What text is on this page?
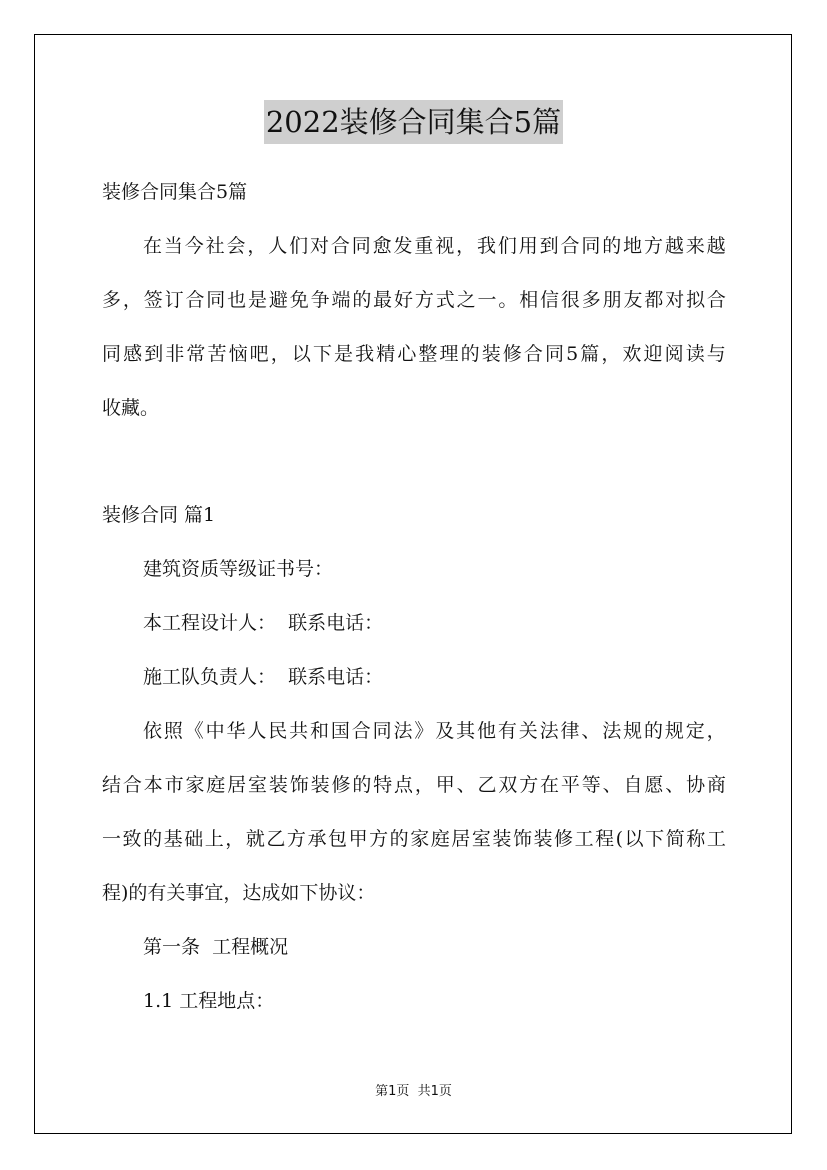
2022装修合同集合5篇
装修合同集合5篇
在 当 今 社 会 ， 人 们 对 合 同 愈 发 重 视 ， 我 们 用 到 合 同 的 地 方 越 来 越
多 ， 签 订 合 同 也 是 避 免 争 端 的 最 好 方 式 之 一 。 相 信 很 多 朋 友 都 对 拟 合
同 感 到 非 常 苦 恼 吧 ， 以 下 是 我 精 心 整 理 的 装 修 合 同 5 篇 ， 欢 迎 阅 读 与
收藏。
装修合同 篇1
建筑资质等级证书号：
本工程设计人：  联系电话：
施工队负责人：  联系电话：
依 照 《 中 华 人 民 共 和 国 合 同 法 》 及 其 他 有 关 法 律 、 法 规 的 规 定 ，
结 合 本 市 家 庭 居 室 装 饰 装 修 的 特 点 ， 甲 、 乙 双 方 在 平 等 、 自 愿 、 协 商
一 致 的 基 础 上 ， 就 乙 方 承 包 甲 方 的 家 庭 居 室 装 饰 装 修 工 程 ( 以 下 简 称 工
程)的有关事宜，达成如下协议：
第一条  工程概况
1.1 工程地点：
第1页  共1页
